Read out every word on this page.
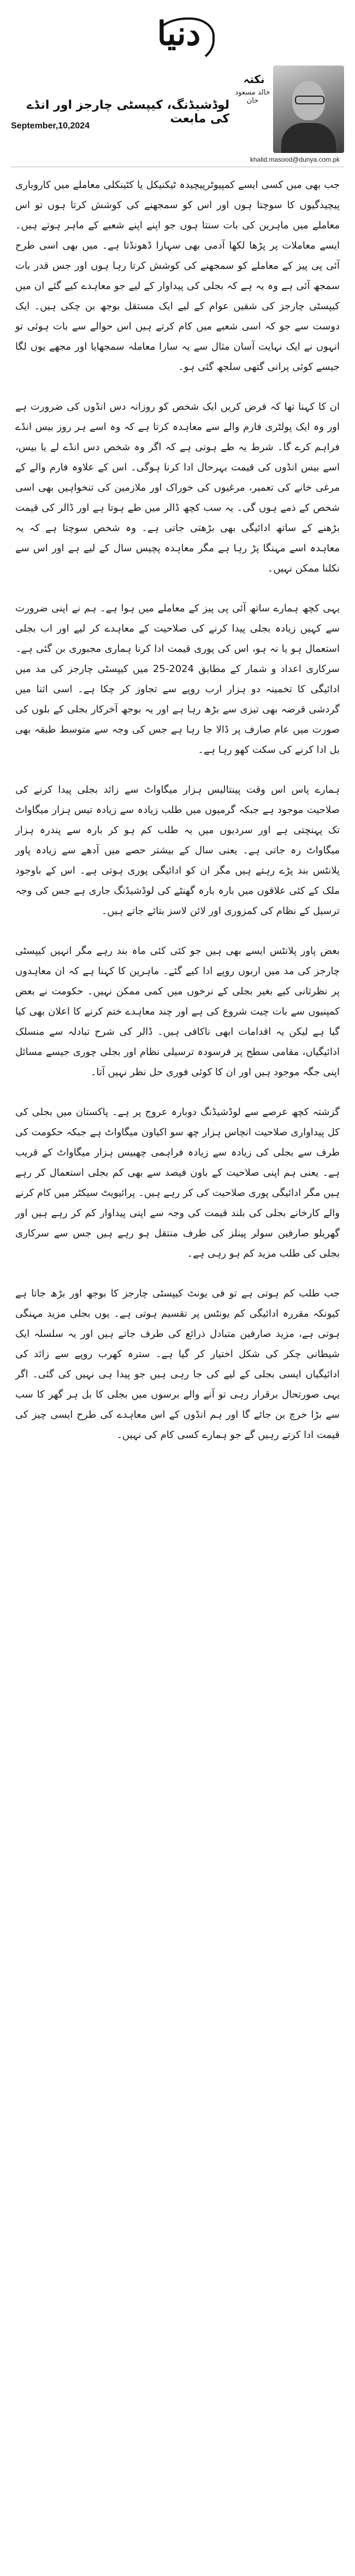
دنیا
نکتہ
خالد مسعود خان
لوڈشیڈنگ، کیپسٹی چارجز اور انڈے کی مابعت
September,10,2024
khalid.masood@dunya.com.pk

جب بھی میں کسی ایسے کمپیوٹرپیچیدہ ٹیکنیکل یا کٹینکلی معاملے میں کاروباری پیچیدگیوں کا سوچتا ہوں اور اس کو سمجھنے کی کوشش کرتا ہوں تو اس معاملے میں ماہرین کی بات سنتا ہوں جو اپنے اپنے شعبے کے ماہر ہوتے ہیں۔ ایسے معاملات پر پڑھا لکھا آدمی بھی سہارا ڈھونڈتا ہے۔ میں بھی اسی طرح آئی پی پیز کے معاملے کو سمجھنے کی کوشش کرتا رہا ہوں اور جس قدر بات سمجھ آئی ہے وہ یہ ہے کہ بجلی کی پیداوار کے لیے جو معاہدے کیے گئے ان میں کیپسٹی چارجز کی شقیں عوام کے لیے ایک مستقل بوجھ بن چکی ہیں۔ ایک دوست سے جو کہ اسی شعبے میں کام کرتے ہیں اس حوالے سے بات ہوئی تو انہوں نے ایک نہایت آسان مثال سے یہ سارا معاملہ سمجھایا اور مجھے یوں لگا جیسے کوئی پرانی گتھی سلجھ گئی ہو۔

ان کا کہنا تھا کہ فرض کریں ایک شخص کو روزانہ دس انڈوں کی ضرورت ہے اور وہ ایک پولٹری فارم والے سے معاہدہ کرتا ہے کہ وہ اسے ہر روز بیس انڈے فراہم کرے گا۔ شرط یہ طے ہوتی ہے کہ اگر وہ شخص دس انڈے لے یا بیس، اسے بیس انڈوں کی قیمت بہرحال ادا کرنا ہوگی۔ اس کے علاوہ فارم والے کے مرغی خانے کی تعمیر، مرغیوں کی خوراک اور ملازمین کی تنخواہیں بھی اسی شخص کے ذمے ہوں گی۔ یہ سب کچھ ڈالر میں طے ہوتا ہے اور ڈالر کی قیمت بڑھنے کے ساتھ ادائیگی بھی بڑھتی جاتی ہے۔ وہ شخص سوچتا ہے کہ یہ معاہدہ اسے مہنگا پڑ رہا ہے مگر معاہدہ پچیس سال کے لیے ہے اور اس سے نکلنا ممکن نہیں۔

یہی کچھ ہمارے ساتھ آئی پی پیز کے معاملے میں ہوا ہے۔ ہم نے اپنی ضرورت سے کہیں زیادہ بجلی پیدا کرنے کی صلاحیت کے معاہدے کر لیے اور اب بجلی استعمال ہو یا نہ ہو، اس کی پوری قیمت ادا کرنا ہماری مجبوری بن گئی ہے۔ سرکاری اعداد و شمار کے مطابق 2024-25 میں کیپسٹی چارجز کی مد میں ادائیگی کا تخمینہ دو ہزار ارب روپے سے تجاوز کر چکا ہے۔ اسی اثنا میں گردشی قرضہ بھی تیزی سے بڑھ رہا ہے اور یہ بوجھ آخرکار بجلی کے بلوں کی صورت میں عام صارف پر ڈالا جا رہا ہے جس کی وجہ سے متوسط طبقہ بھی بل ادا کرنے کی سکت کھو رہا ہے۔

ہمارے پاس اس وقت پینتالیس ہزار میگاواٹ سے زائد بجلی پیدا کرنے کی صلاحیت موجود ہے جبکہ گرمیوں میں طلب زیادہ سے زیادہ تیس ہزار میگاواٹ تک پہنچتی ہے اور سردیوں میں یہ طلب کم ہو کر بارہ سے پندرہ ہزار میگاواٹ رہ جاتی ہے۔ یعنی سال کے بیشتر حصے میں آدھے سے زیادہ پاور پلانٹس بند پڑے رہتے ہیں مگر ان کو ادائیگی پوری ہوتی ہے۔ اس کے باوجود ملک کے کئی علاقوں میں بارہ بارہ گھنٹے کی لوڈشیڈنگ جاری ہے جس کی وجہ ترسیل کے نظام کی کمزوری اور لائن لاسز بتائے جاتے ہیں۔

بعض پاور پلانٹس ایسے بھی ہیں جو کئی کئی ماہ بند رہے مگر انہیں کیپسٹی چارجز کی مد میں اربوں روپے ادا کیے گئے۔ ماہرین کا کہنا ہے کہ ان معاہدوں پر نظرثانی کیے بغیر بجلی کے نرخوں میں کمی ممکن نہیں۔ حکومت نے بعض کمپنیوں سے بات چیت شروع کی ہے اور چند معاہدے ختم کرنے کا اعلان بھی کیا گیا ہے لیکن یہ اقدامات ابھی ناکافی ہیں۔ ڈالر کی شرح تبادلہ سے منسلک ادائیگیاں، مقامی سطح پر فرسودہ ترسیلی نظام اور بجلی چوری جیسے مسائل اپنی جگہ موجود ہیں اور ان کا کوئی فوری حل نظر نہیں آتا۔

گزشتہ کچھ عرصے سے لوڈشیڈنگ دوبارہ عروج پر ہے۔ پاکستان میں بجلی کی کل پیداواری صلاحیت انچاس ہزار چھ سو اکیاون میگاواٹ ہے جبکہ حکومت کی طرف سے بجلی کی زیادہ سے زیادہ فراہمی چھبیس ہزار میگاواٹ کے قریب ہے۔ یعنی ہم اپنی صلاحیت کے باون فیصد سے بھی کم بجلی استعمال کر رہے ہیں مگر ادائیگی پوری صلاحیت کی کر رہے ہیں۔ پرائیویٹ سیکٹر میں کام کرنے والے کارخانے بجلی کی بلند قیمت کی وجہ سے اپنی پیداوار کم کر رہے ہیں اور گھریلو صارفین سولر پینلز کی طرف منتقل ہو رہے ہیں جس سے سرکاری بجلی کی طلب مزید کم ہو رہی ہے۔

جب طلب کم ہوتی ہے تو فی یونٹ کیپسٹی چارجز کا بوجھ اور بڑھ جاتا ہے کیونکہ مقررہ ادائیگی کم یونٹس پر تقسیم ہوتی ہے۔ یوں بجلی مزید مہنگی ہوتی ہے، مزید صارفین متبادل ذرائع کی طرف جاتے ہیں اور یہ سلسلہ ایک شیطانی چکر کی شکل اختیار کر گیا ہے۔ سترہ کھرب روپے سے زائد کی ادائیگیاں ایسی بجلی کے لیے کی جا رہی ہیں جو پیدا ہی نہیں کی گئی۔ اگر یہی صورتحال برقرار رہی تو آنے والے برسوں میں بجلی کا بل ہر گھر کا سب سے بڑا خرچ بن جائے گا اور ہم انڈوں کے اس معاہدے کی طرح ایسی چیز کی قیمت ادا کرتے رہیں گے جو ہمارے کسی کام کی نہیں۔
